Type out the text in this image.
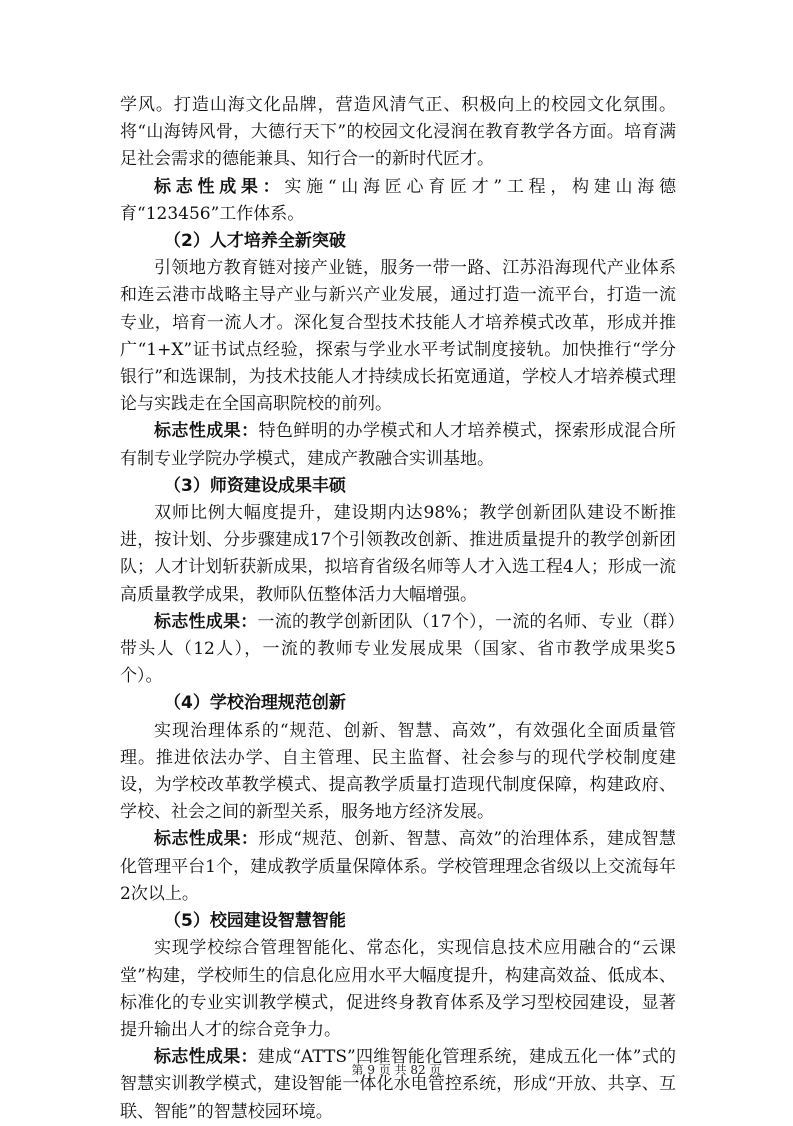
学风。打造山海文化品牌，营造风清气正、积极向上的校园文化氛围。将“山海铸风骨，大德行天下”的校园文化浸润在教育教学各方面。培育满足社会需求的德能兼具、知行合一的新时代匠才。

标志性成果：实施“山海匠心育匠才”工程，构建山海德育“123456”工作体系。

（2）人才培养全新突破

引领地方教育链对接产业链，服务一带一路、江苏沿海现代产业体系和连云港市战略主导产业与新兴产业发展，通过打造一流平台，打造一流专业，培育一流人才。深化复合型技术技能人才培养模式改革，形成并推广“1+X”证书试点经验，探索与学业水平考试制度接轨。加快推行“学分银行”和选课制，为技术技能人才持续成长拓宽通道，学校人才培养模式理论与实践走在全国高职院校的前列。

标志性成果：特色鲜明的办学模式和人才培养模式，探索形成混合所有制专业学院办学模式，建成产教融合实训基地。

（3）师资建设成果丰硕

双师比例大幅度提升，建设期内达98%；教学创新团队建设不断推进，按计划、分步骤建成17个引领教改创新、推进质量提升的教学创新团队；人才计划斩获新成果，拟培育省级名师等人才入选工程4人；形成一流高质量教学成果，教师队伍整体活力大幅增强。

标志性成果：一流的教学创新团队（17个），一流的名师、专业（群）带头人（12人），一流的教师专业发展成果（国家、省市教学成果奖5个）。

（4）学校治理规范创新

实现治理体系的“规范、创新、智慧、高效”，有效强化全面质量管理。推进依法办学、自主管理、民主监督、社会参与的现代学校制度建设，为学校改革教学模式、提高教学质量打造现代制度保障，构建政府、学校、社会之间的新型关系，服务地方经济发展。

标志性成果：形成“规范、创新、智慧、高效”的治理体系，建成智慧化管理平台1个，建成教学质量保障体系。学校管理理念省级以上交流每年2次以上。

（5）校园建设智慧智能

实现学校综合管理智能化、常态化，实现信息技术应用融合的“云课堂”构建，学校师生的信息化应用水平大幅度提升，构建高效益、低成本、标准化的专业实训教学模式，促进终身教育体系及学习型校园建设，显著提升输出人才的综合竞争力。

标志性成果：建成“ATTS”四维智能化管理系统，建成五化一体”式的智慧实训教学模式，建设智能一体化水电管控系统，形成“开放、共享、互联、智能”的智慧校园环境。

第 9 页 共 82 页
